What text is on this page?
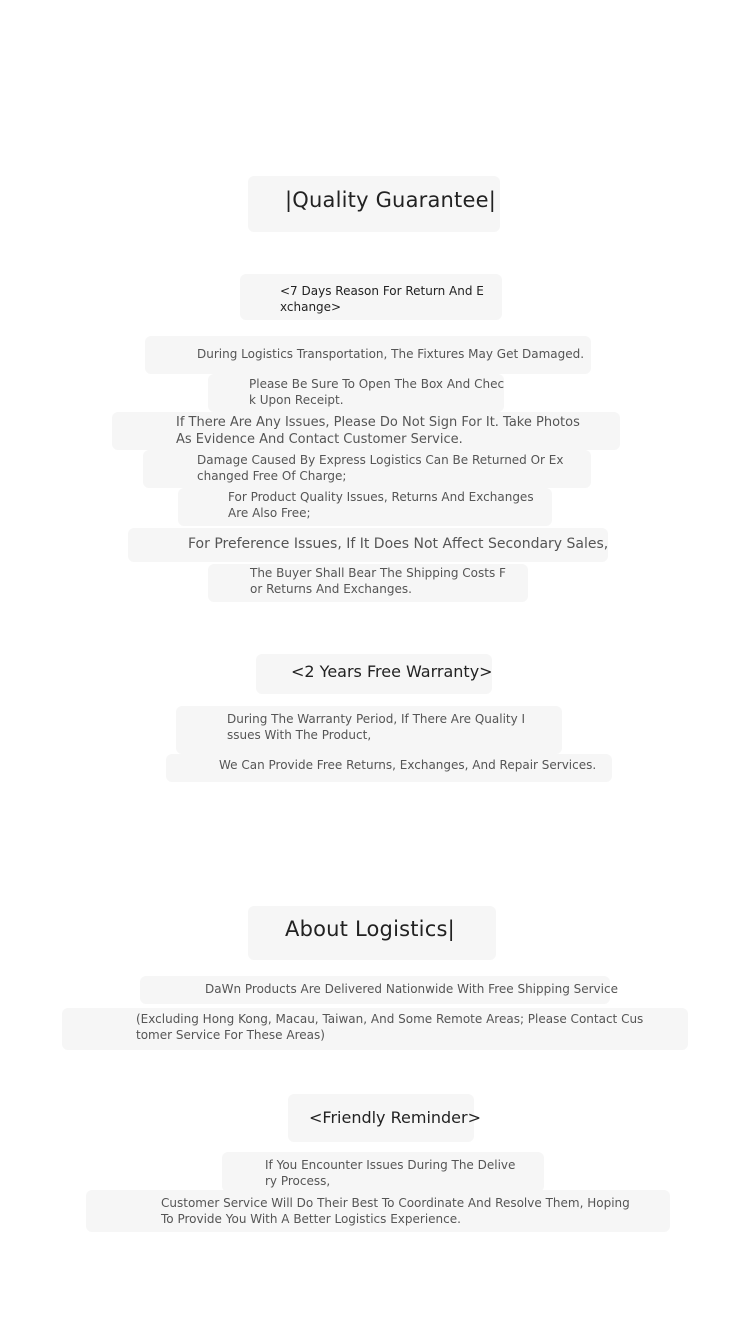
|Quality Guarantee|
<7 Days Reason For Return And E
xchange>
During Logistics Transportation, The Fixtures May Get Damaged.
Please Be Sure To Open The Box And Chec
k Upon Receipt.
If There Are Any Issues, Please Do Not Sign For It. Take Photos
As Evidence And Contact Customer Service.
Damage Caused By Express Logistics Can Be Returned Or Ex
changed Free Of Charge;
For Product Quality Issues, Returns And Exchanges
Are Also Free;
For Preference Issues, If It Does Not Affect Secondary Sales,
The Buyer Shall Bear The Shipping Costs F
or Returns And Exchanges.
<2 Years Free Warranty>
During The Warranty Period, If There Are Quality I
ssues With The Product,
We Can Provide Free Returns, Exchanges, And Repair Services.
About Logistics|
DaWn Products Are Delivered Nationwide With Free Shipping Service
(Excluding Hong Kong, Macau, Taiwan, And Some Remote Areas; Please Contact Cus
tomer Service For These Areas)
<Friendly Reminder>
If You Encounter Issues During The Delive
ry Process,
Customer Service Will Do Their Best To Coordinate And Resolve Them, Hoping
To Provide You With A Better Logistics Experience.
